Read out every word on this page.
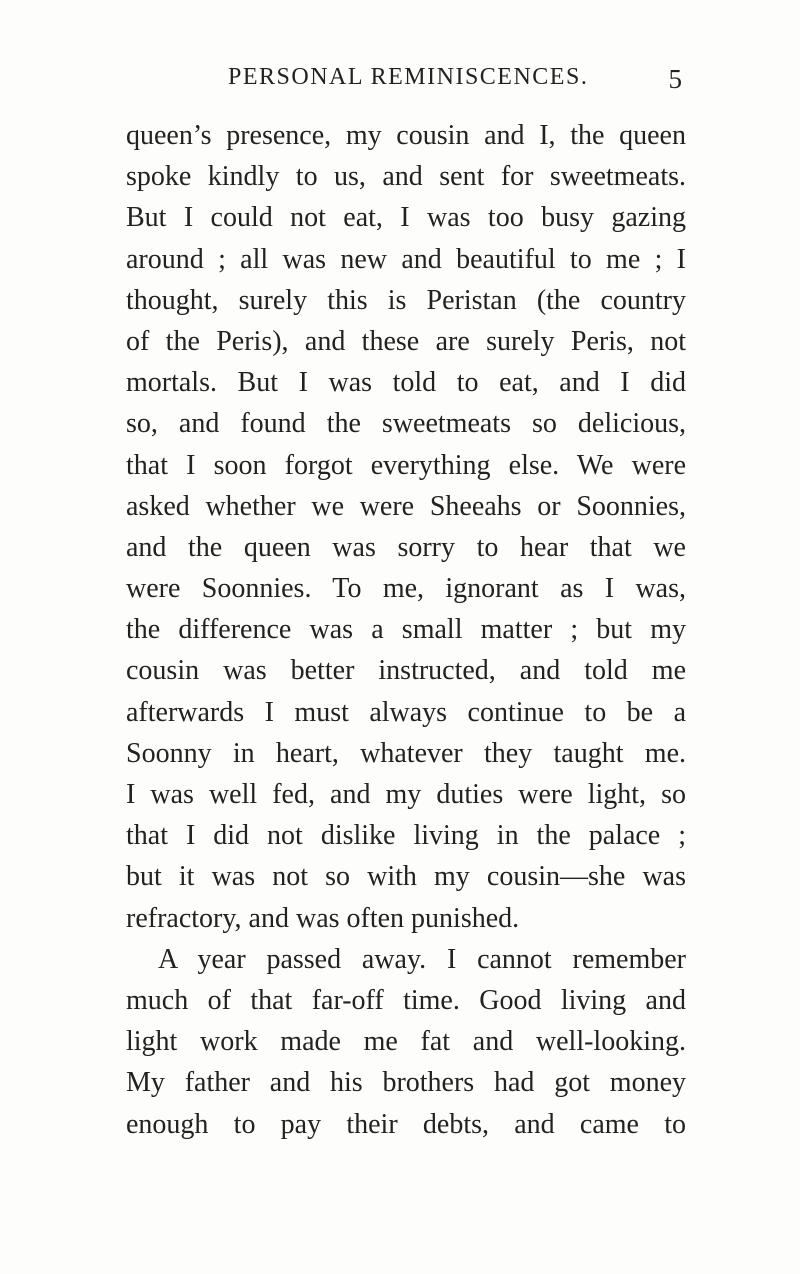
PERSONAL REMINISCENCES.	5
queen’s presence, my cousin and I, the queen
spoke kindly to us, and sent for sweetmeats.
But I could not eat, I was too busy gazing
around ; all was new and beautiful to me ; I
thought, surely this is Peristan (the country
of the Peris), and these are surely Peris, not
mortals. But I was told to eat, and I did
so, and found the sweetmeats so delicious,
that I soon forgot everything else. We were
asked whether we were Sheeahs or Soonnies,
and the queen was sorry to hear that we
were Soonnies. To me, ignorant as I was,
the difference was a small matter ; but my
cousin was better instructed, and told me
afterwards I must always continue to be a
Soonny in heart, whatever they taught me.
I was well fed, and my duties were light, so
that I did not dislike living in the palace ;
but it was not so with my cousin—she was
refractory, and was often punished.
A year passed away. I cannot remember
much of that far-off time. Good living and
light work made me fat and well-looking.
My father and his brothers had got money
enough to pay their debts, and came to
